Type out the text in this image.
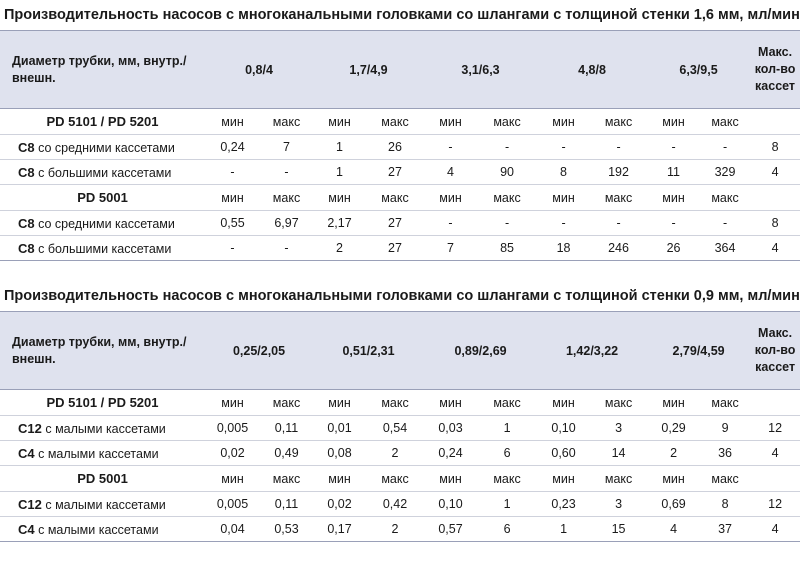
Производительность насосов с многоканальными головками со шлангами с толщиной стенки 1,6 мм, мл/мин
Диаметр трубки, мм, внутр./внешн.	0,8/4		1,7/4,9		3,1/6,3		4,8/8		6,3/9,5		Макс. кол-во кассет
PD 5101 / PD 5201	мин	макс	мин	макс	мин	макс	мин	макс	мин	макс	
C8 со средними кассетами	0,24	7	1	26	-	-	-	-	-	-	8
C8 с большими кассетами	-	-	1	27	4	90	8	192	11	329	4
PD 5001	мин	макс	мин	макс	мин	макс	мин	макс	мин	макс	
C8 со средними кассетами	0,55	6,97	2,17	27	-	-	-	-	-	-	8
C8 с большими кассетами	-	-	2	27	7	85	18	246	26	364	4
Производительность насосов с многоканальными головками со шлангами с толщиной стенки 0,9 мм, мл/мин
Диаметр трубки, мм, внутр./внешн.	0,25/2,05		0,51/2,31		0,89/2,69		1,42/3,22		2,79/4,59		Макс. кол-во кассет
PD 5101 / PD 5201	мин	макс	мин	макс	мин	макс	мин	макс	мин	макс	
C12 с малыми кассетами	0,005	0,11	0,01	0,54	0,03	1	0,10	3	0,29	9	12
C4 с малыми кассетами	0,02	0,49	0,08	2	0,24	6	0,60	14	2	36	4
PD 5001	мин	макс	мин	макс	мин	макс	мин	макс	мин	макс	
C12 с малыми кассетами	0,005	0,11	0,02	0,42	0,10	1	0,23	3	0,69	8	12
C4 с малыми кассетами	0,04	0,53	0,17	2	0,57	6	1	15	4	37	4
